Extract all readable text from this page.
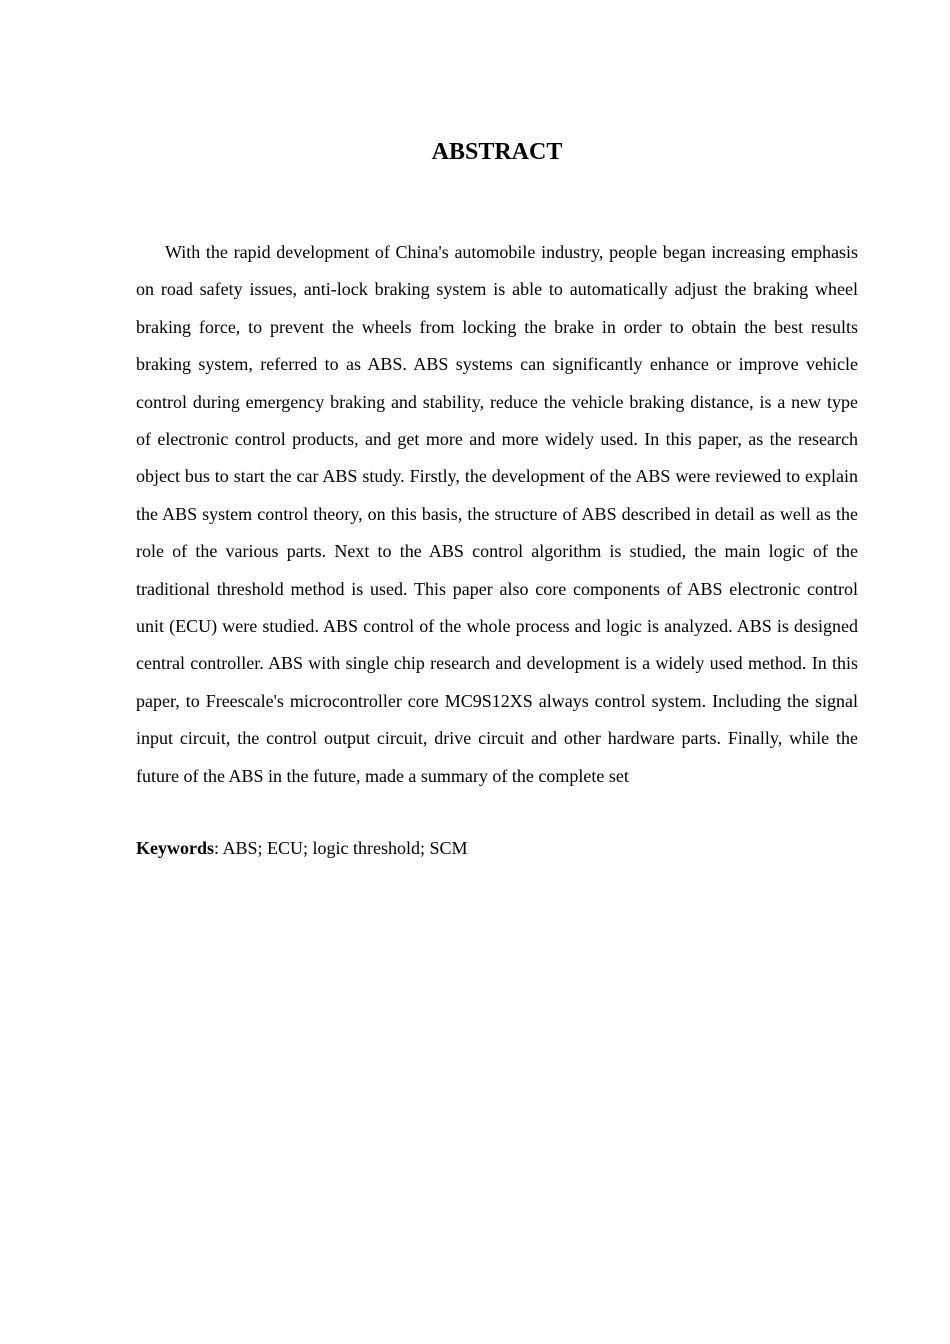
ABSTRACT

With the rapid development of China's automobile industry, people began increasing emphasis on road safety issues, anti-lock braking system is able to automatically adjust the braking wheel braking force, to prevent the wheels from locking the brake in order to obtain the best results braking system, referred to as ABS. ABS systems can significantly enhance or improve vehicle control during emergency braking and stability, reduce the vehicle braking distance, is a new type of electronic control products, and get more and more widely used. In this paper, as the research object bus to start the car ABS study. Firstly, the development of the ABS were reviewed to explain the ABS system control theory, on this basis, the structure of ABS described in detail as well as the role of the various parts. Next to the ABS control algorithm is studied, the main logic of the traditional threshold method is used. This paper also core components of ABS electronic control unit (ECU) were studied. ABS control of the whole process and logic is analyzed. ABS is designed central controller. ABS with single chip research and development is a widely used method. In this paper, to Freescale's microcontroller core MC9S12XS always control system. Including the signal input circuit, the control output circuit, drive circuit and other hardware parts. Finally, while the future of the ABS in the future, made a summary of the complete set

Keywords: ABS; ECU; logic threshold; SCM
